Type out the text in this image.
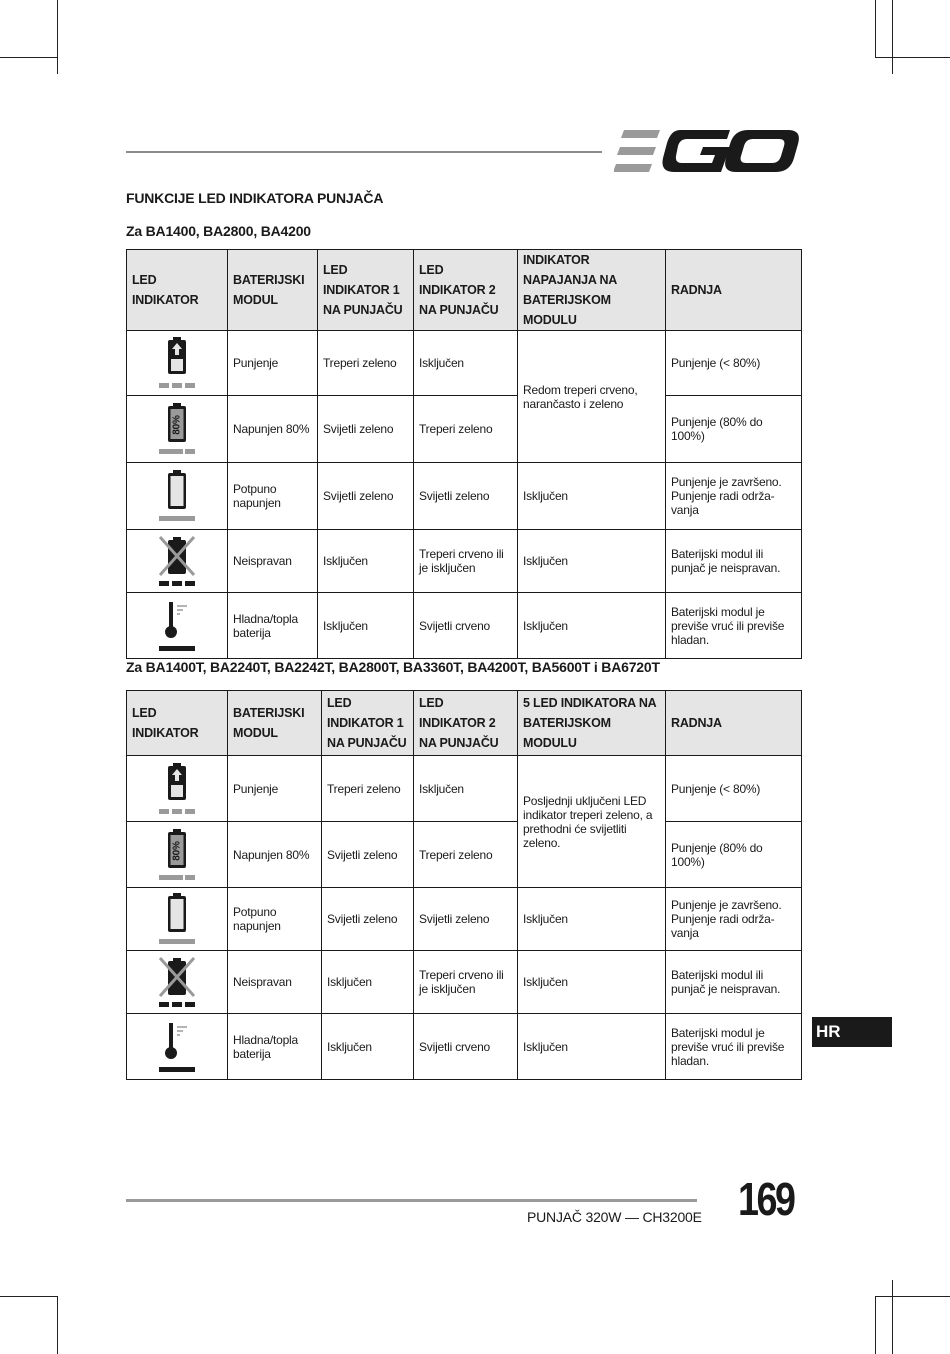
FUNKCIJE LED INDIKATORA PUNJAČA
Za BA1400, BA2800, BA4200
LED INDIKATOR	BATERIJSKI MODUL	LED INDIKATOR 1 NA PUNJAČU	LED INDIKATOR 2 NA PUNJAČU	INDIKATOR NAPAJANJA NA BATERIJSKOM MODULU	RADNJA

	Punjenje	Treperi zeleno	Isključen	Redom treperi crveno, narančasto i zeleno	Punjenje (< 80%)

80%	Napunjen 80%	Svijetli zeleno	Treperi zeleno		Punjenje (80% do 100%)

	Potpuno napunjen	Svijetli zeleno	Svijetli zeleno	Isključen	Punjenje je završeno. Punjenje radi održa-vanja

	Neispravan	Isključen	Treperi crveno ili je isključen	Isključen	Baterijski modul ili punjač je neispravan.

	Hladna/topla baterija	Isključen	Svijetli crveno	Isključen	Baterijski modul je previše vruć ili previše hladan.
Za BA1400T, BA2240T, BA2242T, BA2800T, BA3360T, BA4200T, BA5600T i BA6720T
LED INDIKATOR	BATERIJSKI MODUL	LED INDIKATOR 1 NA PUNJAČU	LED INDIKATOR 2 NA PUNJAČU	5 LED INDIKATORA NA BATERIJSKOM MODULU	RADNJA

	Punjenje	Treperi zeleno	Isključen	Posljednji uključeni LED indikator treperi zeleno, a prethodni će svijetliti zeleno.	Punjenje (< 80%)

80%	Napunjen 80%	Svijetli zeleno	Treperi zeleno		Punjenje (80% do 100%)

	Potpuno napunjen	Svijetli zeleno	Svijetli zeleno	Isključen	Punjenje je završeno. Punjenje radi održa-vanja

	Neispravan	Isključen	Treperi crveno ili je isključen	Isključen	Baterijski modul ili punjač je neispravan.

	Hladna/topla baterija	Isključen	Svijetli crveno	Isključen	Baterijski modul je previše vruć ili previše hladan.
HR
PUNJAČ 320W — CH3200E 169
